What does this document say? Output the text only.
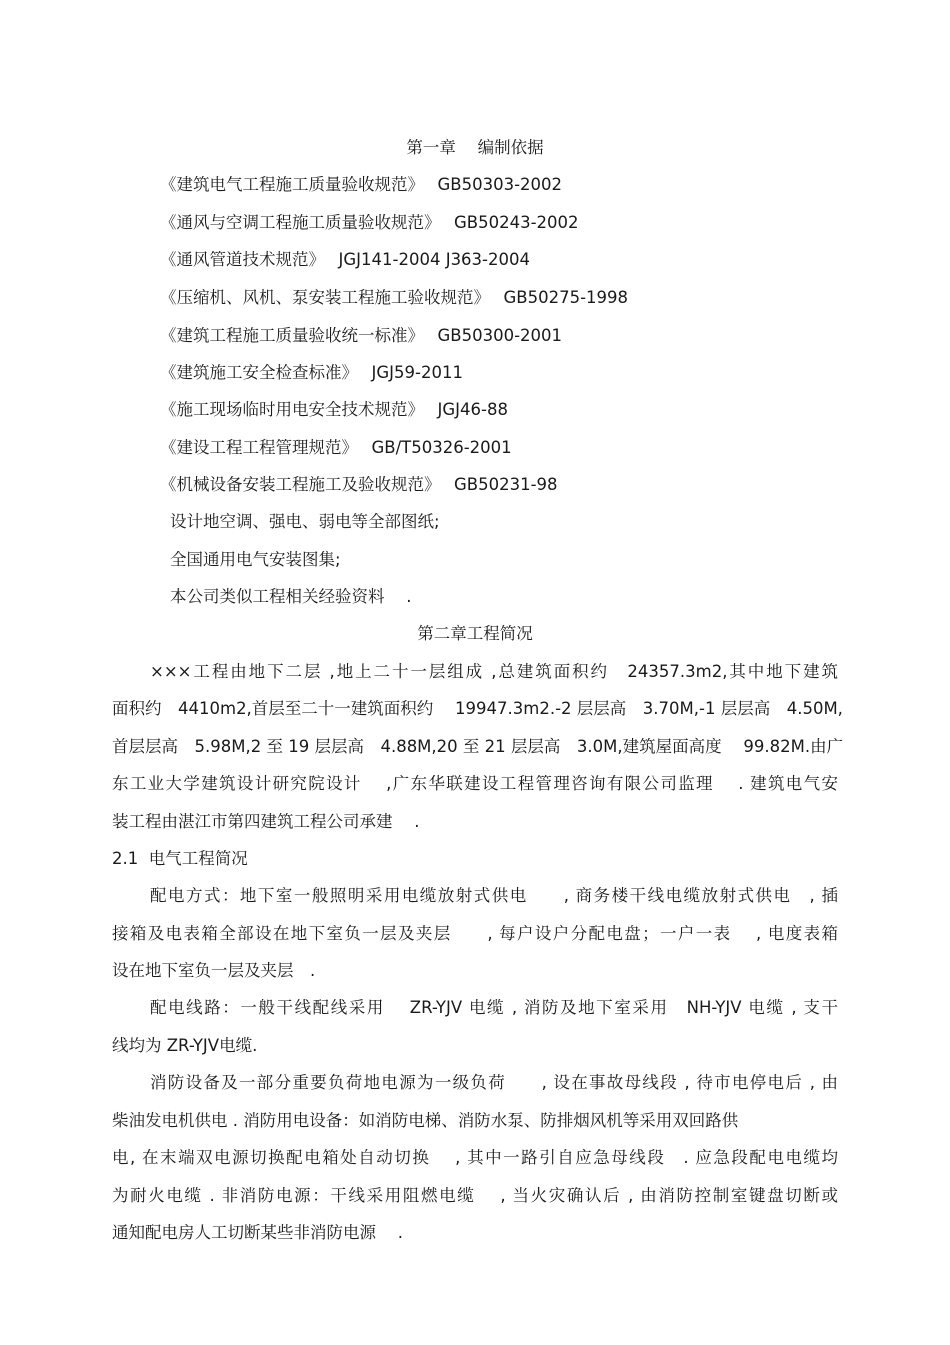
第一章　 编制依据
《建筑电气工程施工质量验收规范》　 GB50303-2002
《通风与空调工程施工质量验收规范》　 GB50243-2002
《通风管道技术规范》　 JGJ141-2004 J363-2004
《压缩机、风机、泵安装工程施工验收规范》　 GB50275-1998
《建筑工程施工质量验收统一标准》　 GB50300-2001
《建筑施工安全检查标准》　 JGJ59-2011
《施工现场临时用电安全技术规范》　 JGJ46-88
《建设工程工程管理规范》　 GB/T50326-2001
《机械设备安装工程施工及验收规范》　 GB50231-98
设计地空调、强电、弱电等全部图纸;
全国通用电气安装图集;
本公司类似工程相关经验资料　 .
第二章工程简况
×××工程由地下二层 ,地上二十一层组成 ,总建筑面积约　24357.3m2,其中地下建筑
面积约　4410m2,首层至二十一建筑面积约　 19947.3m2.-2 层层高　3.70M,-1 层层高　4.50M,
首层层高　5.98M,2 至 19 层层高　4.88M,20 至 21 层层高　3.0M,建筑屋面高度　 99.82M.由广
东工业大学建筑设计研究院设计　 ,广东华联建设工程管理咨询有限公司监理　 . 建筑电气安
装工程由湛江市第四建筑工程公司承建　 .
2.1  电气工程简况
配电方式：地下室一般照明采用电缆放射式供电　　, 商务楼干线电缆放射式供电　, 插
接箱及电表箱全部设在地下室负一层及夹层　　, 每户设户分配电盘；一户一表　 , 电度表箱
设在地下室负一层及夹层　.
配电线路：一般干线配线采用　 ZR-YJV 电缆 , 消防及地下室采用　NH-YJV 电缆 , 支干
线均为 ZR-YJV电缆.
消防设备及一部分重要负荷地电源为一级负荷　　, 设在事故母线段 , 待市电停电后 , 由
柴油发电机供电 . 消防用电设备：如消防电梯、消防水泵、防排烟风机等采用双回路供
电, 在末端双电源切换配电箱处自动切换　 , 其中一路引自应急母线段　. 应急段配电电缆均
为耐火电缆 . 非消防电源：干线采用阻燃电缆　 , 当火灾确认后 , 由消防控制室键盘切断或
通知配电房人工切断某些非消防电源　 .
